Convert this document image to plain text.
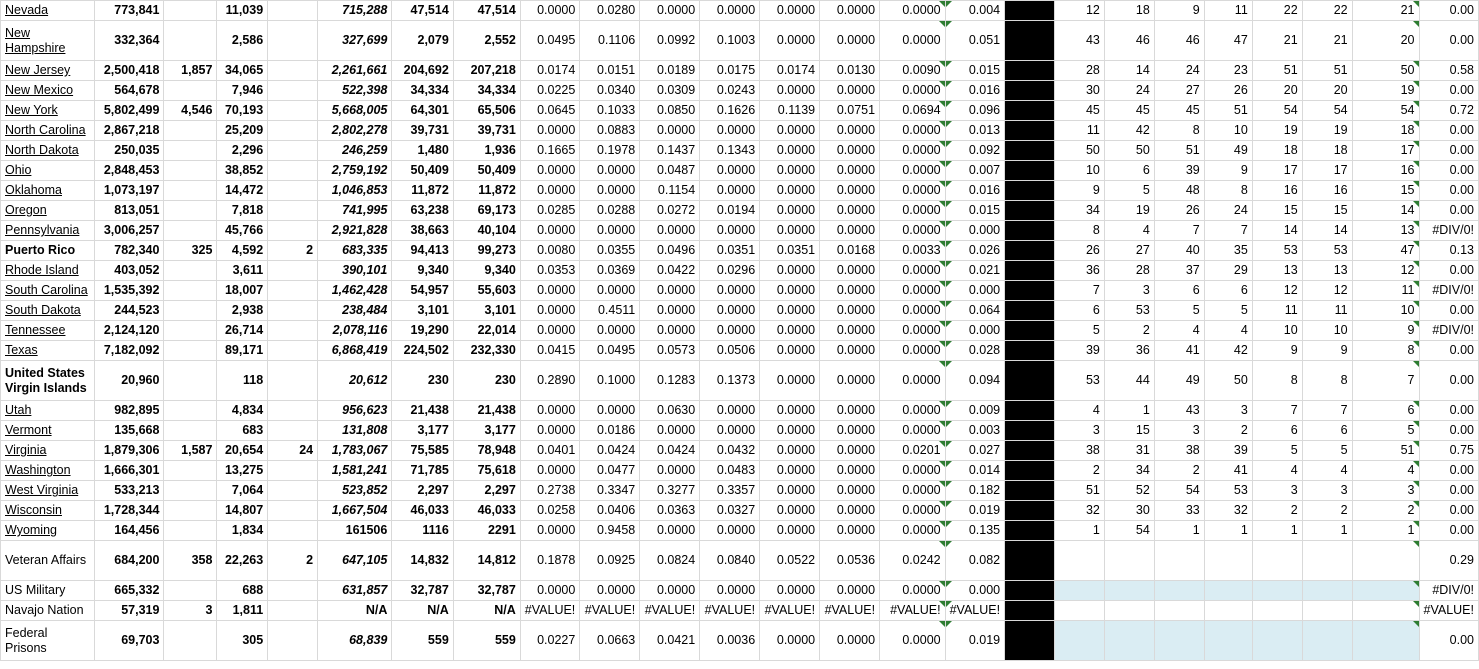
Nevada	773,841		11,039		715,288	47,514	47,514	0.0000	0.0280	0.0000	0.0000	0.0000	0.0000	0.0000	0.004		12	18	9	11	22	22	21	0.00
New Hampshire	332,364		2,586		327,699	2,079	2,552	0.0495	0.1106	0.0992	0.1003	0.0000	0.0000	0.0000	0.051		43	46	46	47	21	21	20	0.00
New Jersey	2,500,418	1,857	34,065		2,261,661	204,692	207,218	0.0174	0.0151	0.0189	0.0175	0.0174	0.0130	0.0090	0.015		28	14	24	23	51	51	50	0.58
New Mexico	564,678		7,946		522,398	34,334	34,334	0.0225	0.0340	0.0309	0.0243	0.0000	0.0000	0.0000	0.016		30	24	27	26	20	20	19	0.00
New York	5,802,499	4,546	70,193		5,668,005	64,301	65,506	0.0645	0.1033	0.0850	0.1626	0.1139	0.0751	0.0694	0.096		45	45	45	51	54	54	54	0.72
North Carolina	2,867,218		25,209		2,802,278	39,731	39,731	0.0000	0.0883	0.0000	0.0000	0.0000	0.0000	0.0000	0.013		11	42	8	10	19	19	18	0.00
North Dakota	250,035		2,296		246,259	1,480	1,936	0.1665	0.1978	0.1437	0.1343	0.0000	0.0000	0.0000	0.092		50	50	51	49	18	18	17	0.00
Ohio	2,848,453		38,852		2,759,192	50,409	50,409	0.0000	0.0000	0.0487	0.0000	0.0000	0.0000	0.0000	0.007		10	6	39	9	17	17	16	0.00
Oklahoma	1,073,197		14,472		1,046,853	11,872	11,872	0.0000	0.0000	0.1154	0.0000	0.0000	0.0000	0.0000	0.016		9	5	48	8	16	16	15	0.00
Oregon	813,051		7,818		741,995	63,238	69,173	0.0285	0.0288	0.0272	0.0194	0.0000	0.0000	0.0000	0.015		34	19	26	24	15	15	14	0.00
Pennsylvania	3,006,257		45,766		2,921,828	38,663	40,104	0.0000	0.0000	0.0000	0.0000	0.0000	0.0000	0.0000	0.000		8	4	7	7	14	14	13	#DIV/0!
Puerto Rico	782,340	325	4,592	2	683,335	94,413	99,273	0.0080	0.0355	0.0496	0.0351	0.0351	0.0168	0.0033	0.026		26	27	40	35	53	53	47	0.13
Rhode Island	403,052		3,611		390,101	9,340	9,340	0.0353	0.0369	0.0422	0.0296	0.0000	0.0000	0.0000	0.021		36	28	37	29	13	13	12	0.00
South Carolina	1,535,392		18,007		1,462,428	54,957	55,603	0.0000	0.0000	0.0000	0.0000	0.0000	0.0000	0.0000	0.000		7	3	6	6	12	12	11	#DIV/0!
South Dakota	244,523		2,938		238,484	3,101	3,101	0.0000	0.4511	0.0000	0.0000	0.0000	0.0000	0.0000	0.064		6	53	5	5	11	11	10	0.00
Tennessee	2,124,120		26,714		2,078,116	19,290	22,014	0.0000	0.0000	0.0000	0.0000	0.0000	0.0000	0.0000	0.000		5	2	4	4	10	10	9	#DIV/0!
Texas	7,182,092		89,171		6,868,419	224,502	232,330	0.0415	0.0495	0.0573	0.0506	0.0000	0.0000	0.0000	0.028		39	36	41	42	9	9	8	0.00
United States Virgin Islands	20,960		118		20,612	230	230	0.2890	0.1000	0.1283	0.1373	0.0000	0.0000	0.0000	0.094		53	44	49	50	8	8	7	0.00
Utah	982,895		4,834		956,623	21,438	21,438	0.0000	0.0000	0.0630	0.0000	0.0000	0.0000	0.0000	0.009		4	1	43	3	7	7	6	0.00
Vermont	135,668		683		131,808	3,177	3,177	0.0000	0.0186	0.0000	0.0000	0.0000	0.0000	0.0000	0.003		3	15	3	2	6	6	5	0.00
Virginia	1,879,306	1,587	20,654	24	1,783,067	75,585	78,948	0.0401	0.0424	0.0424	0.0432	0.0000	0.0000	0.0201	0.027		38	31	38	39	5	5	51	0.75
Washington	1,666,301		13,275		1,581,241	71,785	75,618	0.0000	0.0477	0.0000	0.0483	0.0000	0.0000	0.0000	0.014		2	34	2	41	4	4	4	0.00
West Virginia	533,213		7,064		523,852	2,297	2,297	0.2738	0.3347	0.3277	0.3357	0.0000	0.0000	0.0000	0.182		51	52	54	53	3	3	3	0.00
Wisconsin	1,728,344		14,807		1,667,504	46,033	46,033	0.0258	0.0406	0.0363	0.0327	0.0000	0.0000	0.0000	0.019		32	30	33	32	2	2	2	0.00
Wyoming	164,456		1,834		161506	1116	2291	0.0000	0.9458	0.0000	0.0000	0.0000	0.0000	0.0000	0.135		1	54	1	1	1	1	1	0.00
Veteran Affairs	684,200	358	22,263	2	647,105	14,832	14,812	0.1878	0.0925	0.0824	0.0840	0.0522	0.0536	0.0242	0.082									0.29
US Military	665,332		688		631,857	32,787	32,787	0.0000	0.0000	0.0000	0.0000	0.0000	0.0000	0.0000	0.000									#DIV/0!
Navajo Nation	57,319	3	1,811		N/A	N/A	N/A	#VALUE!	#VALUE!	#VALUE!	#VALUE!	#VALUE!	#VALUE!	#VALUE!	#VALUE!									#VALUE!
Federal Prisons	69,703		305		68,839	559	559	0.0227	0.0663	0.0421	0.0036	0.0000	0.0000	0.0000	0.019									0.00
